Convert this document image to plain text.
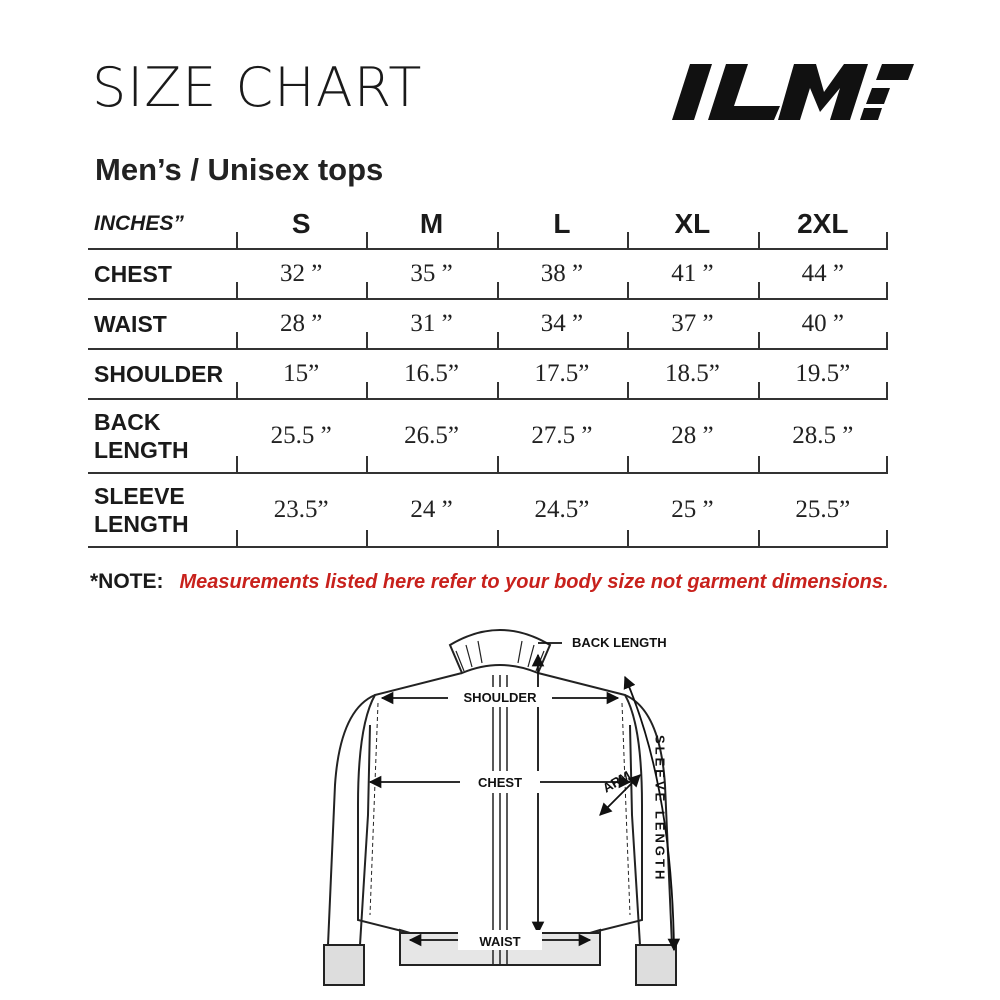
SIZE CHART
Men’s / Unisex tops
INCHES”	S	M	L	XL	2XL
CHEST	32 ”	35 ”	38 ”	41 ”	44 ”
WAIST	28 ”	31 ”	34 ”	37 ”	40 ”
SHOULDER	15”	16.5”	17.5”	18.5”	19.5”
BACK LENGTH	25.5 ”	26.5”	27.5 ”	28 ”	28.5 ”
SLEEVE LENGTH	23.5”	24 ”	24.5”	25 ”	25.5”
*NOTE: Measurements listed here refer to your body size not garment dimensions.
SHOULDER
CHEST
WAIST
BACK LENGTH
ARM SLEEVE LENGTH
